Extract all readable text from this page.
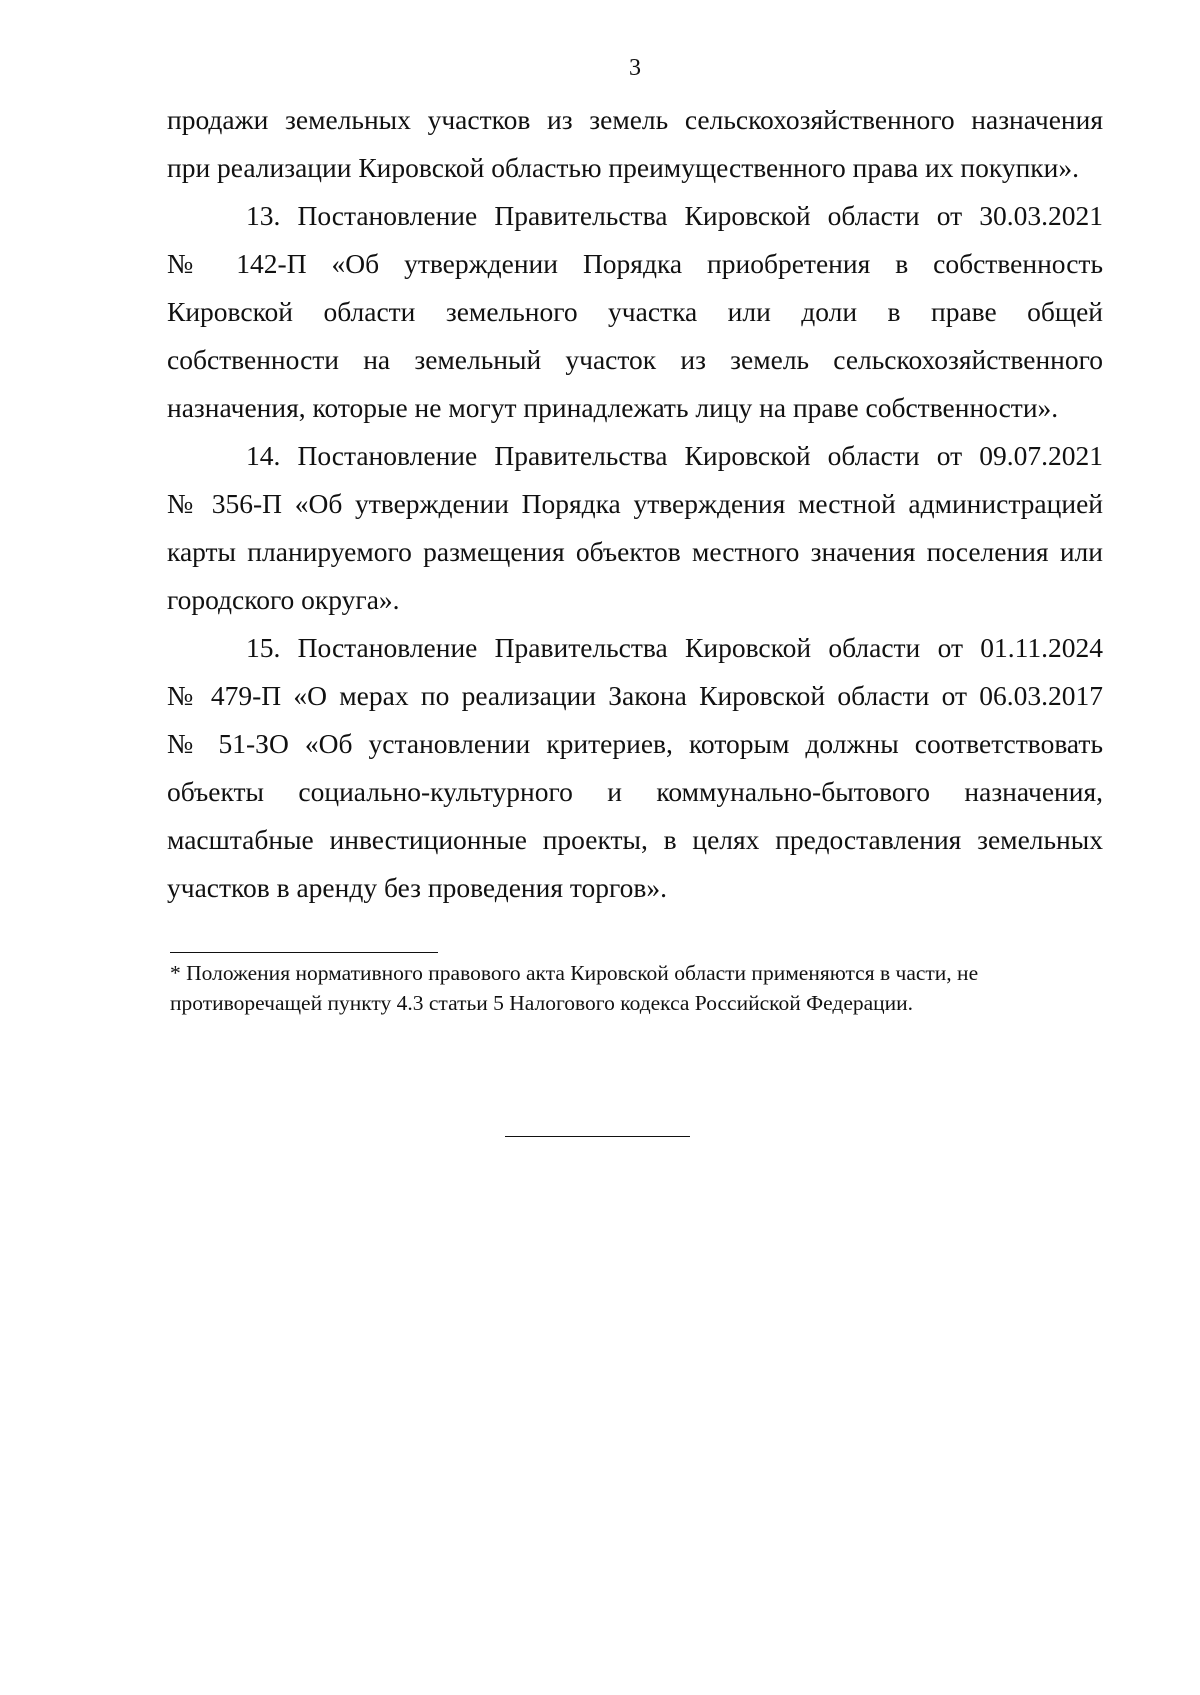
3
продажи земельных участков из земель сельскохозяйственного назначения
при реализации Кировской областью преимущественного права их покупки».
13. Постановление Правительства Кировской области от 30.03.2021
№ 142-П «Об утверждении Порядка приобретения в собственность
Кировской области земельного участка или доли в праве общей
собственности на земельный участок из земель сельскохозяйственного
назначения, которые не могут принадлежать лицу на праве собственности».
14. Постановление Правительства Кировской области от 09.07.2021
№ 356-П «Об утверждении Порядка утверждения местной администрацией
карты планируемого размещения объектов местного значения поселения или
городского округа».
15. Постановление Правительства Кировской области от 01.11.2024
№ 479-П «О мерах по реализации Закона Кировской области от 06.03.2017
№ 51-ЗО «Об установлении критериев, которым должны соответствовать
объекты социально-культурного и коммунально-бытового назначения,
масштабные инвестиционные проекты, в целях предоставления земельных
участков в аренду без проведения торгов».
* Положения нормативного правового акта Кировской области применяются в части, не
противоречащей пункту 4.3 статьи 5 Налогового кодекса Российской Федерации.
